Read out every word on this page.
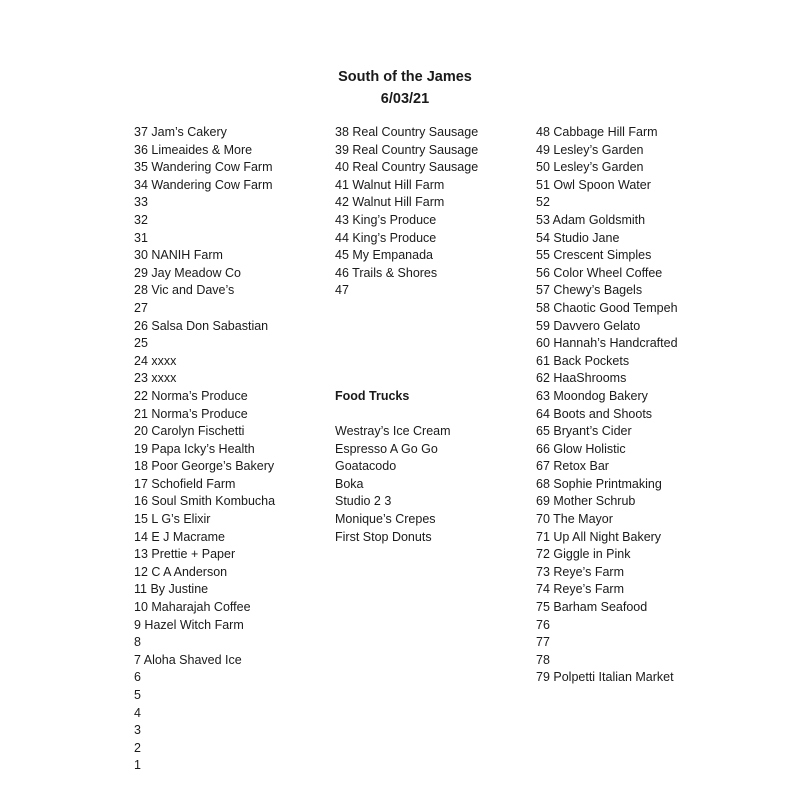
South of the James
6/03/21
37 Jam’s Cakery
36 Limeaides & More
35 Wandering Cow Farm
34 Wandering Cow Farm
33
32
31
30 NANIH Farm
29 Jay Meadow Co
28 Vic and Dave’s
27
26 Salsa Don Sabastian
25
24 xxxx
23 xxxx
22 Norma’s Produce
21 Norma’s Produce
20 Carolyn Fischetti
19 Papa Icky’s Health
18 Poor George’s Bakery
17 Schofield Farm
16 Soul Smith Kombucha
15 L G’s Elixir
14 E J Macrame
13 Prettie + Paper
12 C A Anderson
11 By Justine
10 Maharajah Coffee
9 Hazel Witch Farm
8
7 Aloha Shaved Ice
6
5
4
3
2
1
38 Real Country Sausage
39 Real Country Sausage
40 Real Country Sausage
41 Walnut Hill Farm
42 Walnut Hill Farm
43 King’s Produce
44 King’s Produce
45 My Empanada
46 Trails & Shores
47
48 Cabbage Hill Farm
49 Lesley’s Garden
50 Lesley’s Garden
51 Owl Spoon Water
52
53 Adam Goldsmith
54 Studio Jane
55 Crescent Simples
56 Color Wheel Coffee
57 Chewy’s Bagels
58 Chaotic Good Tempeh
59 Davvero Gelato
60 Hannah’s Handcrafted
61 Back Pockets
62 HaaShrooms
63 Moondog Bakery
64 Boots and Shoots
65 Bryant’s Cider
66 Glow Holistic
67 Retox Bar
68 Sophie Printmaking
69 Mother Schrub
70 The Mayor
71 Up All Night Bakery
72 Giggle in Pink
73 Reye’s Farm
74 Reye’s Farm
75 Barham Seafood
76
77
78
79 Polpetti Italian Market
Food Trucks
Westray’s Ice Cream
Espresso A Go Go
Goatacodo
Boka
Studio 2 3
Monique’s Crepes
First Stop Donuts
